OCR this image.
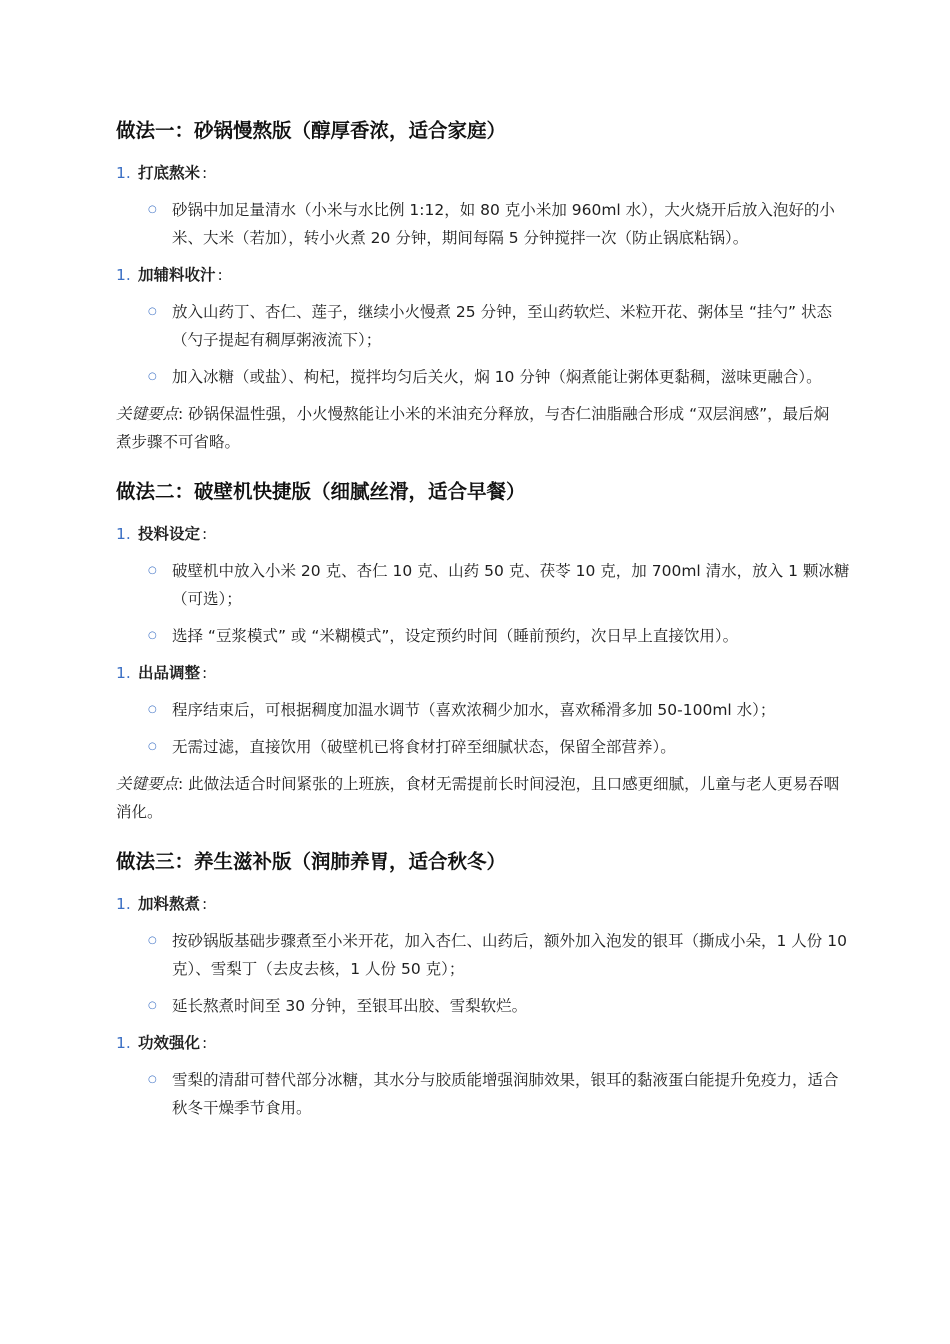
做法一：砂锅慢熬版（醇厚香浓，适合家庭）
1. 打底熬米 :
○ 砂锅中加足量清水（小米与水比例 1:12，如 80 克小米加 960ml 水），大火烧开后放入泡好的小米、大米（若加），转小火煮 20 分钟，期间每隔 5 分钟搅拌一次（防止锅底粘锅）。
1. 加辅料收汁 :
○ 放入山药丁、杏仁、莲子，继续小火慢煮 25 分钟，至山药软烂、米粒开花、粥体呈 “挂勺” 状态（勺子提起有稠厚粥液流下）；
○ 加入冰糖（或盐）、枸杞，搅拌均匀后关火，焖 10 分钟（焖煮能让粥体更黏稠，滋味更融合）。

关键要点: 砂锅保温性强，小火慢熬能让小米的米油充分释放，与杏仁油脂融合形成 “双层润感”，最后焖煮步骤不可省略。

做法二：破壁机快捷版（细腻丝滑，适合早餐）
1. 投料设定 :
○ 破壁机中放入小米 20 克、杏仁 10 克、山药 50 克、茯苓 10 克，加 700ml 清水，放入 1 颗冰糖（可选）；
○ 选择 “豆浆模式” 或 “米糊模式”，设定预约时间（睡前预约，次日早上直接饮用）。
1. 出品调整 :
○ 程序结束后，可根据稠度加温水调节（喜欢浓稠少加水，喜欢稀滑多加 50-100ml 水）；
○ 无需过滤，直接饮用（破壁机已将食材打碎至细腻状态，保留全部营养）。

关键要点: 此做法适合时间紧张的上班族，食材无需提前长时间浸泡，且口感更细腻，儿童与老人更易吞咽消化。

做法三：养生滋补版（润肺养胃，适合秋冬）
1. 加料熬煮 :
○ 按砂锅版基础步骤煮至小米开花，加入杏仁、山药后，额外加入泡发的银耳（撕成小朵，1 人份 10 克）、雪梨丁（去皮去核，1 人份 50 克）；
○ 延长熬煮时间至 30 分钟，至银耳出胶、雪梨软烂。
1. 功效强化 :
○ 雪梨的清甜可替代部分冰糖，其水分与胶质能增强润肺效果，银耳的黏液蛋白能提升免疫力，适合秋冬干燥季节食用。
